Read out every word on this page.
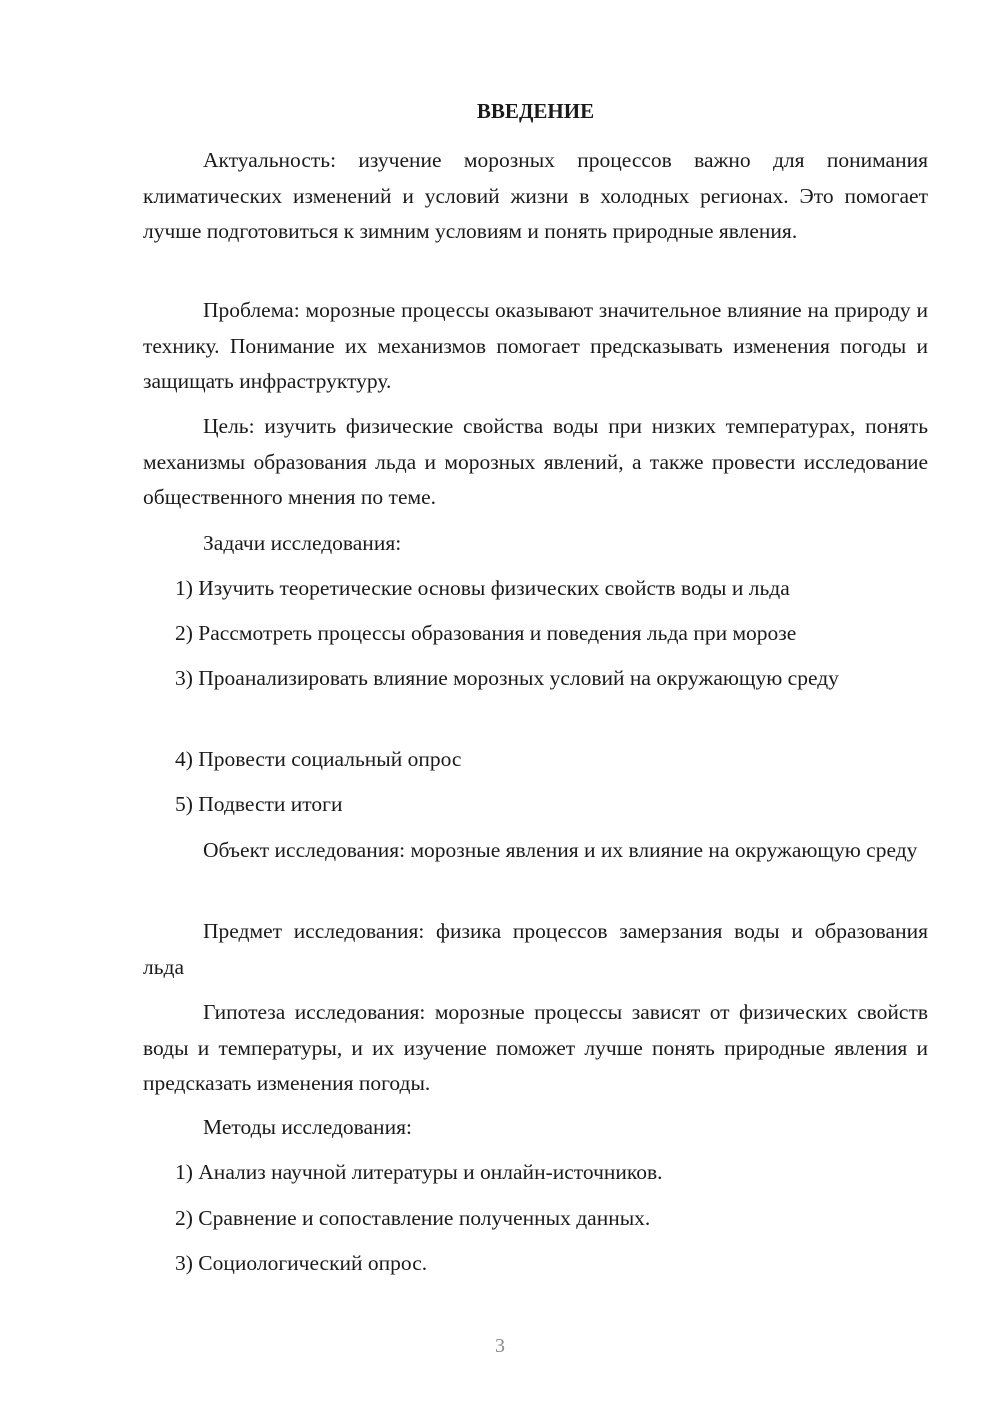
ВВЕДЕНИЕ

Актуальность: изучение морозных процессов важно для понимания климатических изменений и условий жизни в холодных регионах. Это помогает лучше подготовиться к зимним условиям и понять природные явления.

Проблема: морозные процессы оказывают значительное влияние на природу и технику. Понимание их механизмов помогает предсказывать изменения погоды и защищать инфраструктуру.

Цель: изучить физические свойства воды при низких температурах, понять механизмы образования льда и морозных явлений, а также провести исследование общественного мнения по теме.

Задачи исследования:

1) Изучить теоретические основы физических свойств воды и льда

2) Рассмотреть процессы образования и поведения льда при морозе

3) Проанализировать влияние морозных условий на окружающую среду

4) Провести социальный опрос

5) Подвести итоги

Объект исследования: морозные явления и их влияние на окружающую среду

Предмет исследования: физика процессов замерзания воды и образования льда

Гипотеза исследования: морозные процессы зависят от физических свойств воды и температуры, и их изучение поможет лучше понять природные явления и предсказать изменения погоды.

Методы исследования:

1) Анализ научной литературы и онлайн-источников.

2) Сравнение и сопоставление полученных данных.

3) Социологический опрос.

3
